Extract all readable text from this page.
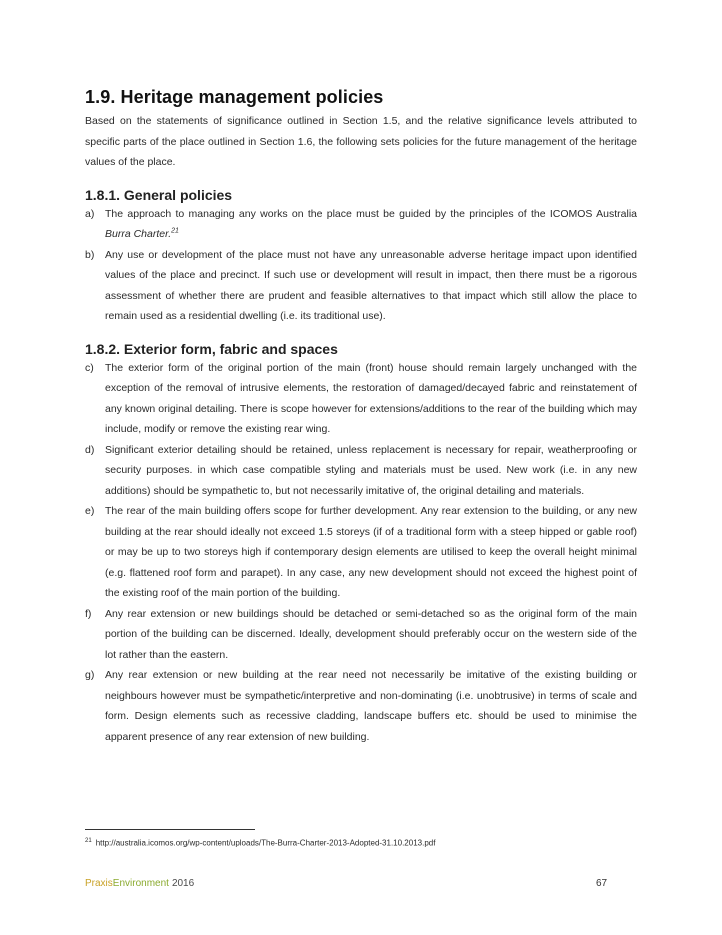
1.9. Heritage management policies

Based on the statements of significance outlined in Section 1.5, and the relative significance levels attributed to specific parts of the place outlined in Section 1.6, the following sets policies for the future management of the heritage values of the place.

1.8.1. General policies
a) The approach to managing any works on the place must be guided by the principles of the ICOMOS Australia Burra Charter.$^{21}$
b) Any use or development of the place must not have any unreasonable adverse heritage impact upon identified values of the place and precinct. If such use or development will result in impact, then there must be a rigorous assessment of whether there are prudent and feasible alternatives to that impact which still allow the place to remain used as a residential dwelling (i.e. its traditional use).
1.8.2. Exterior form, fabric and spaces
c) The exterior form of the original portion of the main (front) house should remain largely unchanged with the exception of the removal of intrusive elements, the restoration of damaged/decayed fabric and reinstatement of any known original detailing. There is scope however for extensions/additions to the rear of the building which may include, modify or remove the existing rear wing.
d) Significant exterior detailing should be retained, unless replacement is necessary for repair, weatherproofing or security purposes. in which case compatible styling and materials must be used. New work (i.e. in any new additions) should be sympathetic to, but not necessarily imitative of, the original detailing and materials.
e) The rear of the main building offers scope for further development. Any rear extension to the building, or any new building at the rear should ideally not exceed 1.5 storeys (if of a traditional form with a steep hipped or gable roof) or may be up to two storeys high if contemporary design elements are utilised to keep the overall height minimal (e.g. flattened roof form and parapet). In any case, any new development should not exceed the highest point of the existing roof of the main portion of the building.
f) Any rear extension or new buildings should be detached or semi-detached so as the original form of the main portion of the building can be discerned. Ideally, development should preferably occur on the western side of the lot rather than the eastern.
g) Any rear extension or new building at the rear need not necessarily be imitative of the existing building or neighbours however must be sympathetic/interpretive and non-dominating (i.e. unobtrusive) in terms of scale and form. Design elements such as recessive cladding, landscape buffers etc. should be used to minimise the apparent presence of any rear extension of new building.
$^{21}$ http://australia.icomos.org/wp-content/uploads/The-Burra-Charter-2013-Adopted-31.10.2013.pdf
PraxisEnvironment 2016	67
